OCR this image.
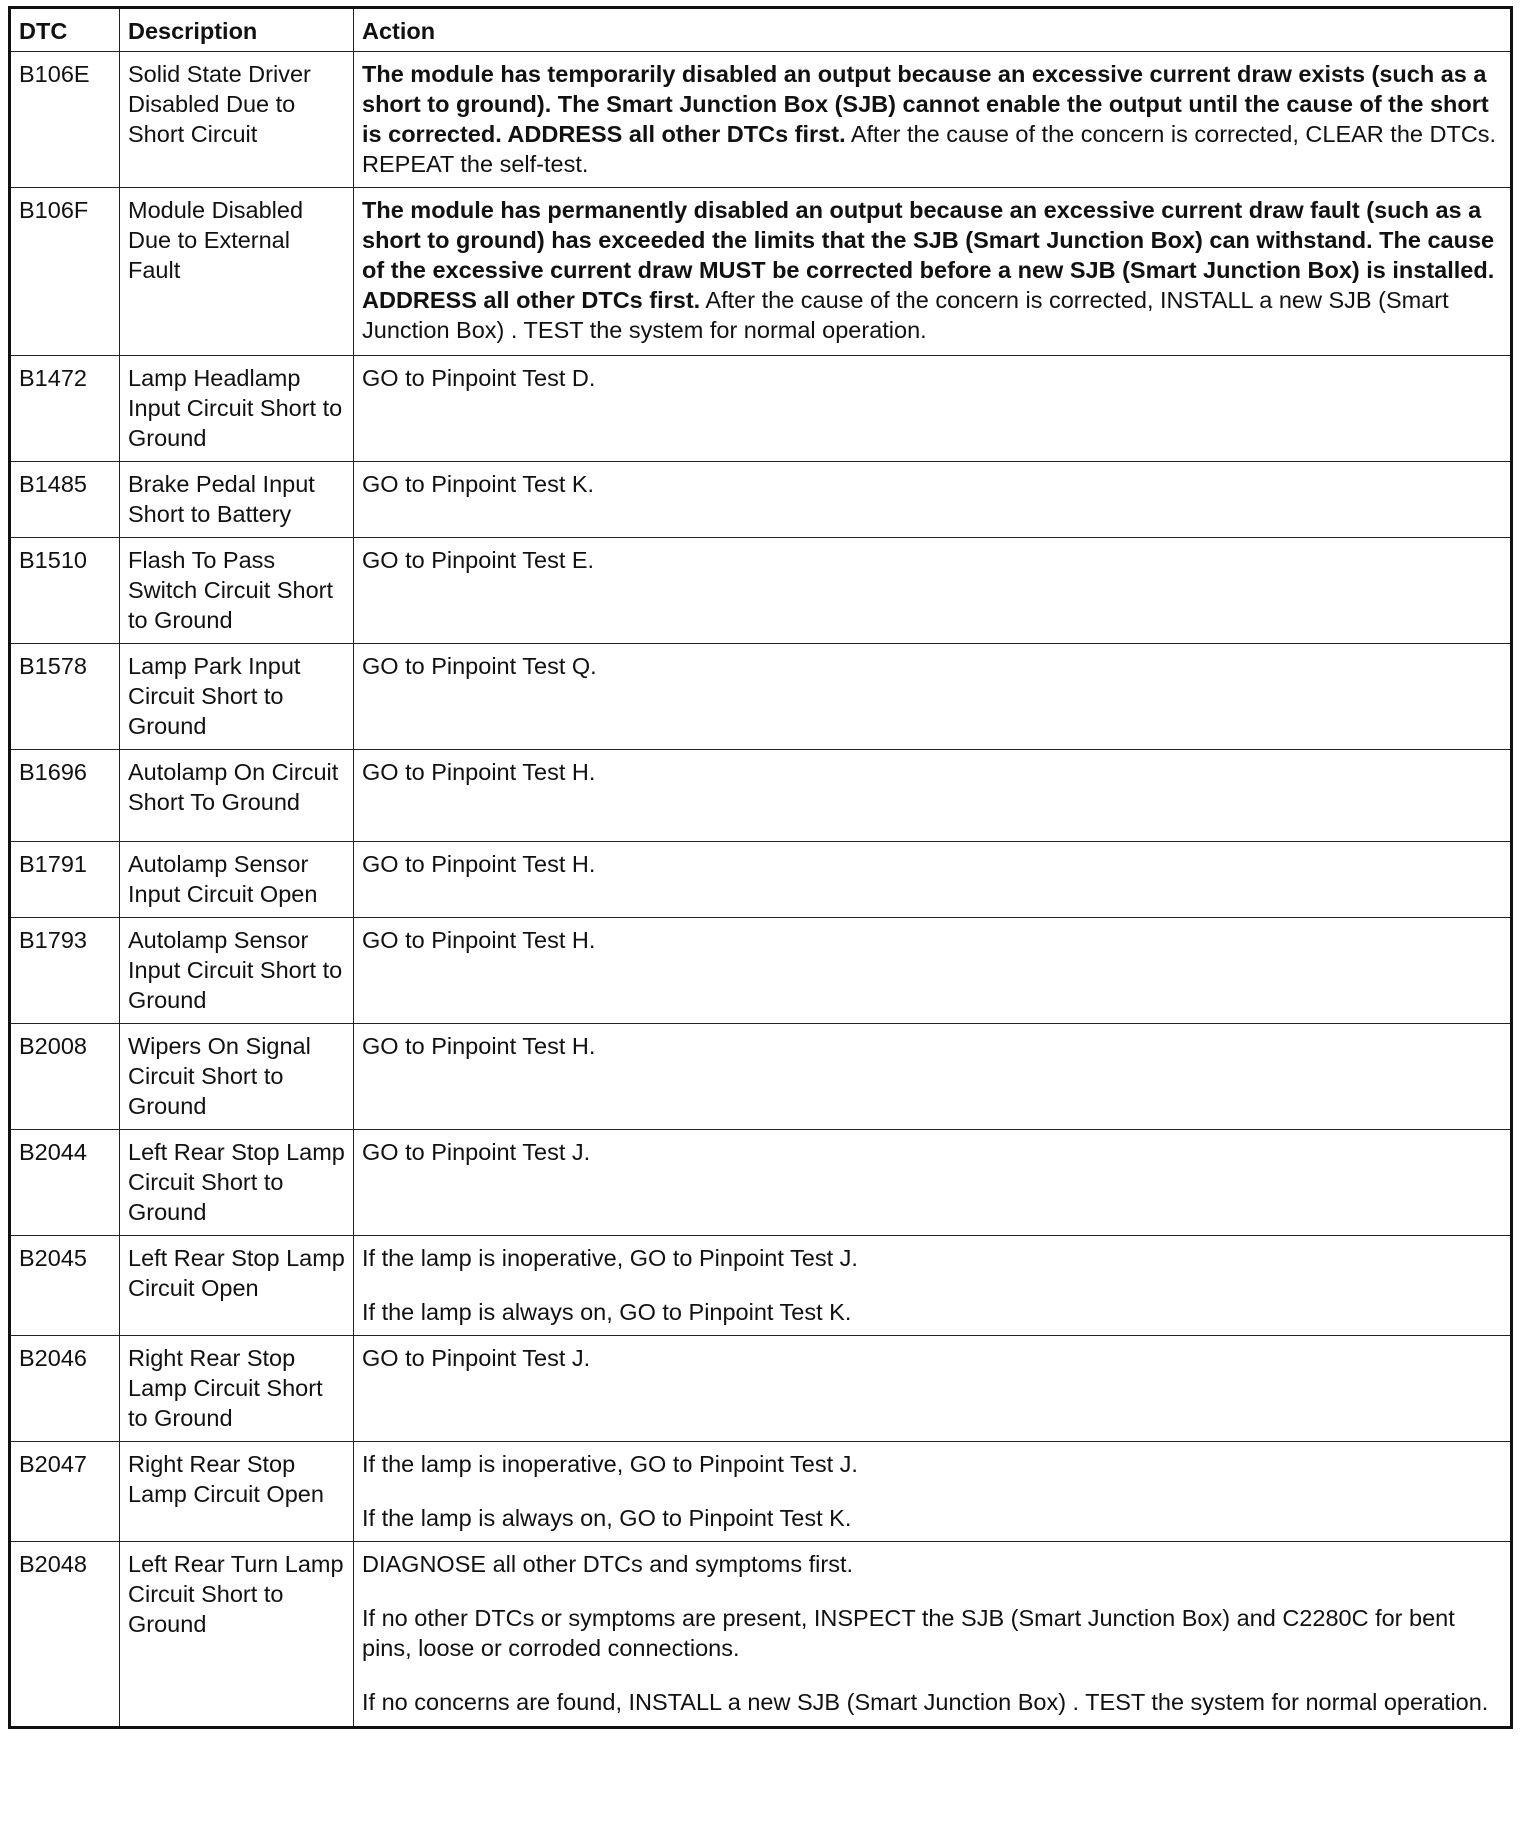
DTC	Description	Action
B106E	Solid State Driver Disabled Due to Short Circuit	The module has temporarily disabled an output because an excessive current draw exists (such as a short to ground). The Smart Junction Box (SJB) cannot enable the output until the cause of the short is corrected. ADDRESS all other DTCs first. After the cause of the concern is corrected, CLEAR the DTCs. REPEAT the self-test.

B106F	Module Disabled Due to External Fault	The module has permanently disabled an output because an excessive current draw fault (such as a short to ground) has exceeded the limits that the SJB (Smart Junction Box) can withstand. The cause of the excessive current draw MUST be corrected before a new SJB (Smart Junction Box) is installed. ADDRESS all other DTCs first. After the cause of the concern is corrected, INSTALL a new SJB (Smart Junction Box) . TEST the system for normal operation.

B1472	Lamp Headlamp Input Circuit Short to Ground	GO to Pinpoint Test D.

B1485	Brake Pedal Input Short to Battery	GO to Pinpoint Test K.

B1510	Flash To Pass Switch Circuit Short to Ground	GO to Pinpoint Test E.

B1578	Lamp Park Input Circuit Short to Ground	GO to Pinpoint Test Q.

B1696	Autolamp On Circuit Short To Ground	GO to Pinpoint Test H.

B1791	Autolamp Sensor Input Circuit Open	GO to Pinpoint Test H.

B1793	Autolamp Sensor Input Circuit Short to Ground	GO to Pinpoint Test H.

B2008	Wipers On Signal Circuit Short to Ground	GO to Pinpoint Test H.

B2044	Left Rear Stop Lamp Circuit Short to Ground	GO to Pinpoint Test J.

B2045	Left Rear Stop Lamp Circuit Open	If the lamp is inoperative, GO to Pinpoint Test J.

If the lamp is always on, GO to Pinpoint Test K.

B2046	Right Rear Stop Lamp Circuit Short to Ground	GO to Pinpoint Test J.

B2047	Right Rear Stop Lamp Circuit Open	If the lamp is inoperative, GO to Pinpoint Test J.

If the lamp is always on, GO to Pinpoint Test K.

B2048	Left Rear Turn Lamp Circuit Short to Ground	DIAGNOSE all other DTCs and symptoms first.

If no other DTCs or symptoms are present, INSPECT the SJB (Smart Junction Box) and C2280C for bent pins, loose or corroded connections.

If no concerns are found, INSTALL a new SJB (Smart Junction Box) . TEST the system for normal operation.
